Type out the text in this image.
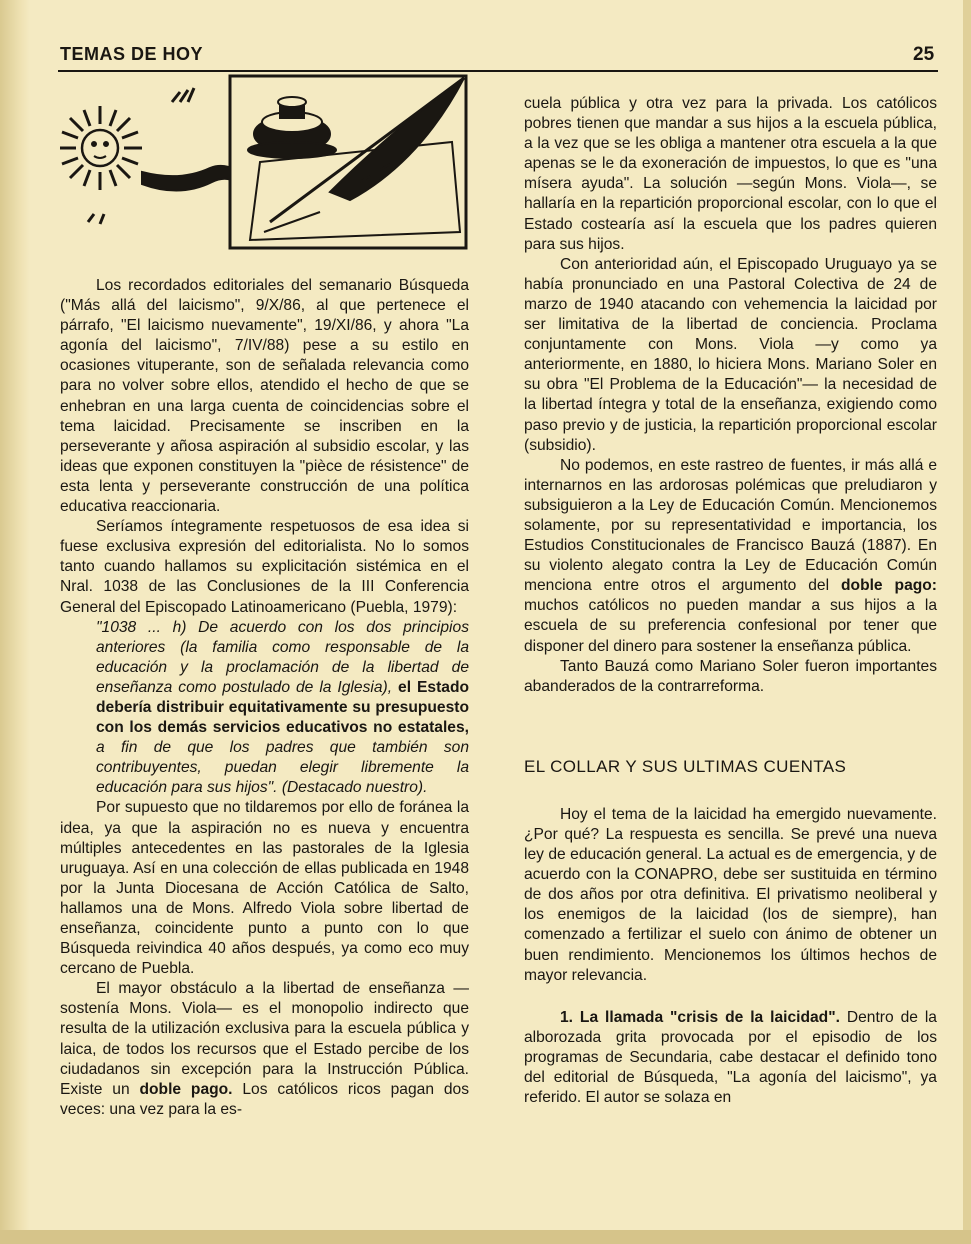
TEMAS DE HOY	25

Los recordados editoriales del semanario Búsqueda ("Más allá del laicismo", 9/X/86, al que pertenece el párrafo, "El laicismo nuevamente", 19/XI/86, y ahora "La agonía del laicismo", 7/IV/88) pese a su estilo en ocasiones vituperante, son de señalada relevancia como para no volver sobre ellos, atendido el hecho de que se enhebran en una larga cuenta de coincidencias sobre el tema laicidad. Precisamente se inscriben en la perseverante y añosa aspiración al subsidio escolar, y las ideas que exponen constituyen la "pièce de résistence" de esta lenta y perseverante construcción de una política educativa reaccionaria.

Seríamos íntegramente respetuosos de esa idea si fuese exclusiva expresión del editorialista. No lo somos tanto cuando hallamos su explicitación sistémica en el Nral. 1038 de las Conclusiones de la III Conferencia General del Episcopado Latinoamericano (Puebla, 1979):

"1038 ... h) De acuerdo con los dos principios anteriores (la familia como responsable de la educación y la proclamación de la libertad de enseñanza como postulado de la Iglesia), el Estado debería distribuir equitativamente su presupuesto con los demás servicios educativos no estatales, a fin de que los padres que también son contribuyentes, puedan elegir libremente la educación para sus hijos". (Destacado nuestro).

Por supuesto que no tildaremos por ello de foránea la idea, ya que la aspiración no es nueva y encuentra múltiples antecedentes en las pastorales de la Iglesia uruguaya. Así en una colección de ellas publicada en 1948 por la Junta Diocesana de Acción Católica de Salto, hallamos una de Mons. Alfredo Viola sobre libertad de enseñanza, coincidente punto a punto con lo que Búsqueda reivindica 40 años después, ya como eco muy cercano de Puebla.

El mayor obstáculo a la libertad de enseñanza —sostenía Mons. Viola— es el monopolio indirecto que resulta de la utilización exclusiva para la escuela pública y laica, de todos los recursos que el Estado percibe de los ciudadanos sin excepción para la Instrucción Pública. Existe un doble pago. Los católicos ricos pagan dos veces: una vez para la es-

cuela pública y otra vez para la privada. Los católicos pobres tienen que mandar a sus hijos a la escuela pública, a la vez que se les obliga a mantener otra escuela a la que apenas se le da exoneración de impuestos, lo que es "una mísera ayuda". La solución —según Mons. Viola—, se hallaría en la repartición proporcional escolar, con lo que el Estado costearía así la escuela que los padres quieren para sus hijos.

Con anterioridad aún, el Episcopado Uruguayo ya se había pronunciado en una Pastoral Colectiva de 24 de marzo de 1940 atacando con vehemencia la laicidad por ser limitativa de la libertad de conciencia. Proclama conjuntamente con Mons. Viola —y como ya anteriormente, en 1880, lo hiciera Mons. Mariano Soler en su obra "El Problema de la Educación"— la necesidad de la libertad íntegra y total de la enseñanza, exigiendo como paso previo y de justicia, la repartición proporcional escolar (subsidio).

No podemos, en este rastreo de fuentes, ir más allá e internarnos en las ardorosas polémicas que preludiaron y subsiguieron a la Ley de Educación Común. Mencionemos solamente, por su representatividad e importancia, los Estudios Constitucionales de Francisco Bauzá (1887). En su violento alegato contra la Ley de Educación Común menciona entre otros el argumento del doble pago: muchos católicos no pueden mandar a sus hijos a la escuela de su preferencia confesional por tener que disponer del dinero para sostener la enseñanza pública.

Tanto Bauzá como Mariano Soler fueron importantes abanderados de la contrarreforma.

EL COLLAR Y SUS ULTIMAS CUENTAS

Hoy el tema de la laicidad ha emergido nuevamente. ¿Por qué? La respuesta es sencilla. Se prevé una nueva ley de educación general. La actual es de emergencia, y de acuerdo con la CONAPRO, debe ser sustituida en término de dos años por otra definitiva. El privatismo neoliberal y los enemigos de la laicidad (los de siempre), han comenzado a fertilizar el suelo con ánimo de obtener un buen rendimiento. Mencionemos los últimos hechos de mayor relevancia.

1. La llamada "crisis de la laicidad". Dentro de la alborozada grita provocada por el episodio de los programas de Secundaria, cabe destacar el definido tono del editorial de Búsqueda, "La agonía del laicismo", ya referido. El autor se solaza en
